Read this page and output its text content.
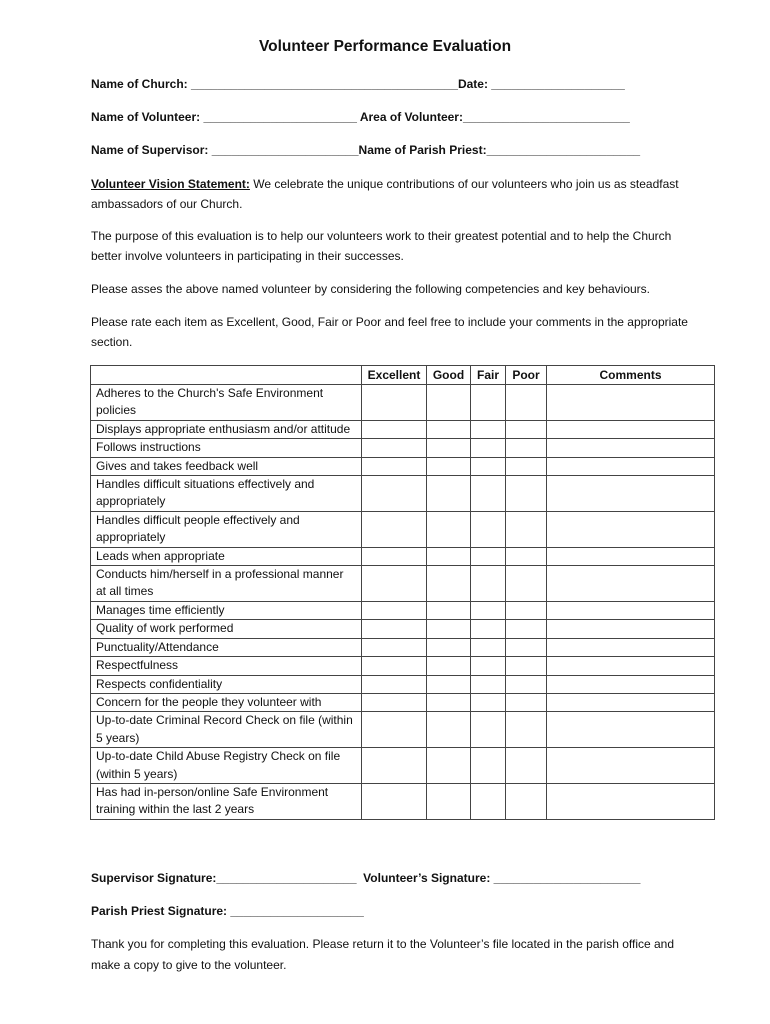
Volunteer Performance Evaluation
Name of Church: ________________________________________Date: ____________________
Name of Volunteer: _______________________ Area of Volunteer:_________________________
Name of Supervisor: ______________________Name of Parish Priest:_______________________
Volunteer Vision Statement: We celebrate the unique contributions of our volunteers who join us as steadfast ambassadors of our Church.
The purpose of this evaluation is to help our volunteers work to their greatest potential and to help the Church better involve volunteers in participating in their successes.
Please asses the above named volunteer by considering the following competencies and key behaviours.
Please rate each item as Excellent, Good, Fair or Poor and feel free to include your comments in the appropriate section.
	Excellent	Good	Fair	Poor	Comments
Adheres to the Church's Safe Environment policies					
Displays appropriate enthusiasm and/or attitude					
Follows instructions					
Gives and takes feedback well					
Handles difficult situations effectively and appropriately					
Handles difficult people effectively and appropriately					
Leads when appropriate					
Conducts him/herself in a professional manner at all times					
Manages time efficiently					
Quality of work performed					
Punctuality/Attendance					
Respectfulness					
Respects confidentiality					
Concern for the people they volunteer with					
Up-to-date Criminal Record Check on file (within 5 years)					
Up-to-date Child Abuse Registry Check on file (within 5 years)					
Has had in-person/online Safe Environment training within the last 2 years					
Supervisor Signature:_____________________  Volunteer’s Signature: ______________________
Parish Priest Signature: ____________________
Thank you for completing this evaluation. Please return it to the Volunteer’s file located in the parish office and make a copy to give to the volunteer.
